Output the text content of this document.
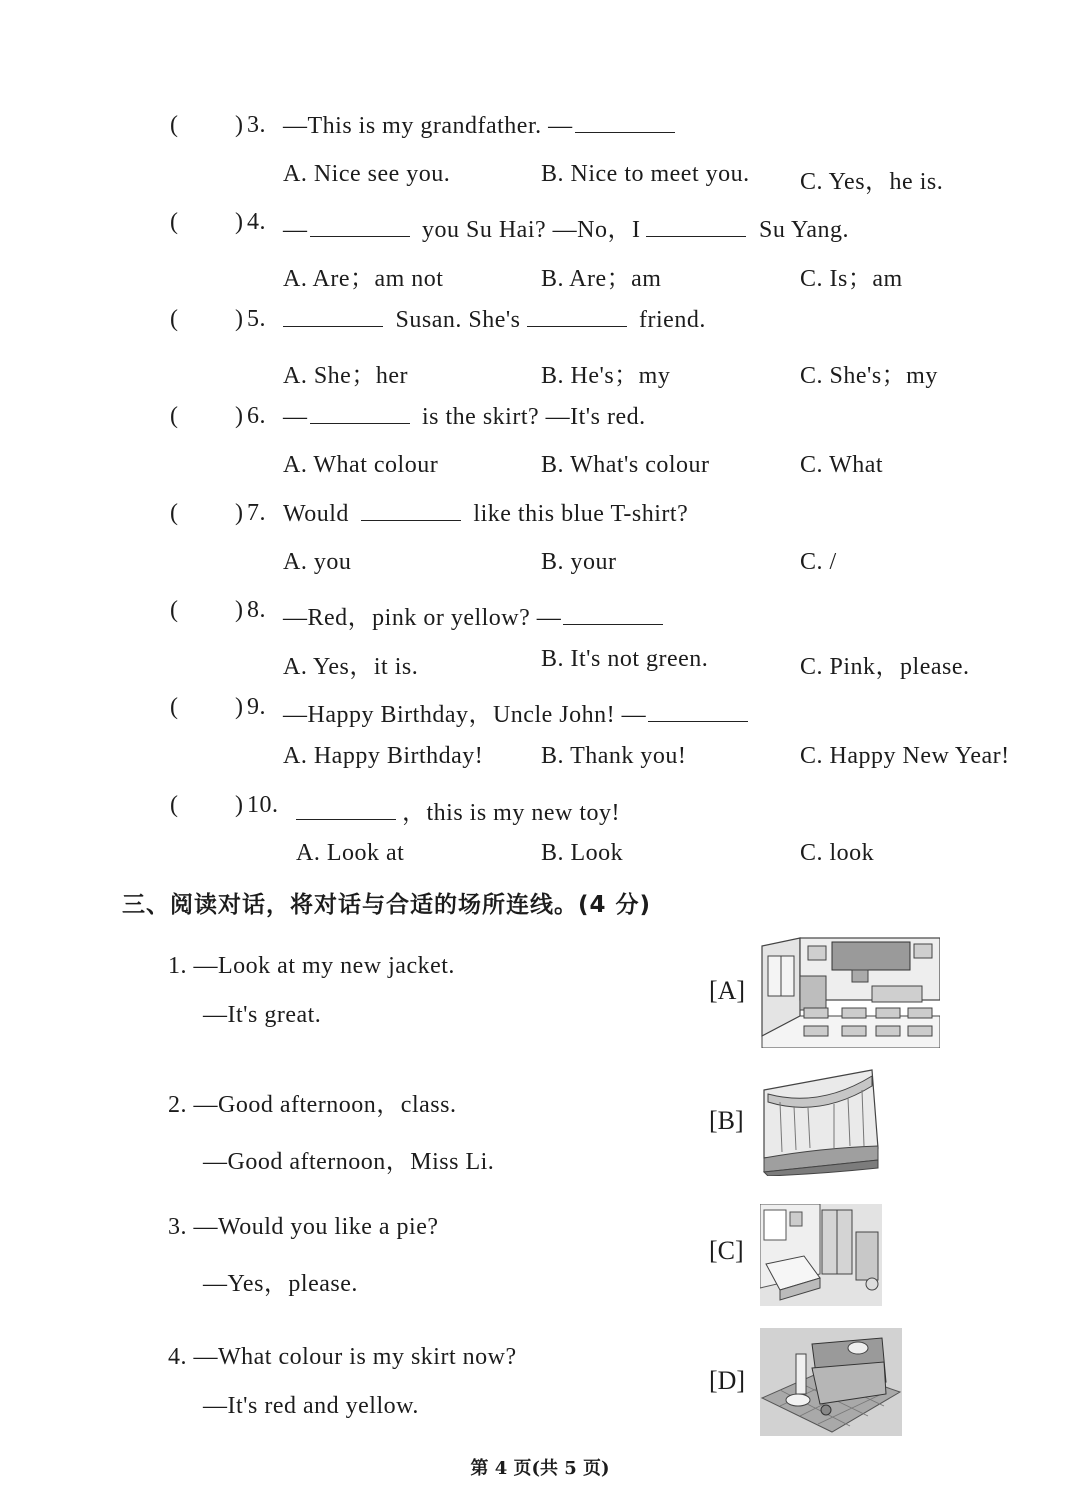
( ) 3. —This is my grandfather. —
A. Nice see you.	B. Nice to meet you. C. Yes，he is.
( ) 4. —	you Su Hai? —No，I	Su Yang.
A. Are；am not	B. Are；am	C. Is；am
( ) 5.	Susan. She's	friend.
A. She；her	B. He's；my	C. She's；my
( ) 6. —	is the skirt? —It's red.
A. What colour	B. What's colour	C. What
( ) 7. Would	like this blue T-shirt?
A. you	B. your	C. /
( ) 8. —Red，pink or yellow? —
A. Yes，it is.	B. It's not green.	C. Pink，please.
( ) 9. —Happy Birthday，Uncle John! —
A. Happy Birthday! B. Thank you!	C. Happy New Year!
( ) 10.	，this is my new toy!
A. Look at	B. Look	C. look
三、阅读对话，将对话与合适的场所连线。(4 分)
1. —Look at my new jacket.
—It's great.
2. —Good afternoon，class.
—Good afternoon，Miss Li.
3. —Would you like a pie?
—Yes，please.
4. —What colour is my skirt now?
—It's red and yellow.
[A]
[B]
[C]
[D]
第 4 页(共 5 页)
